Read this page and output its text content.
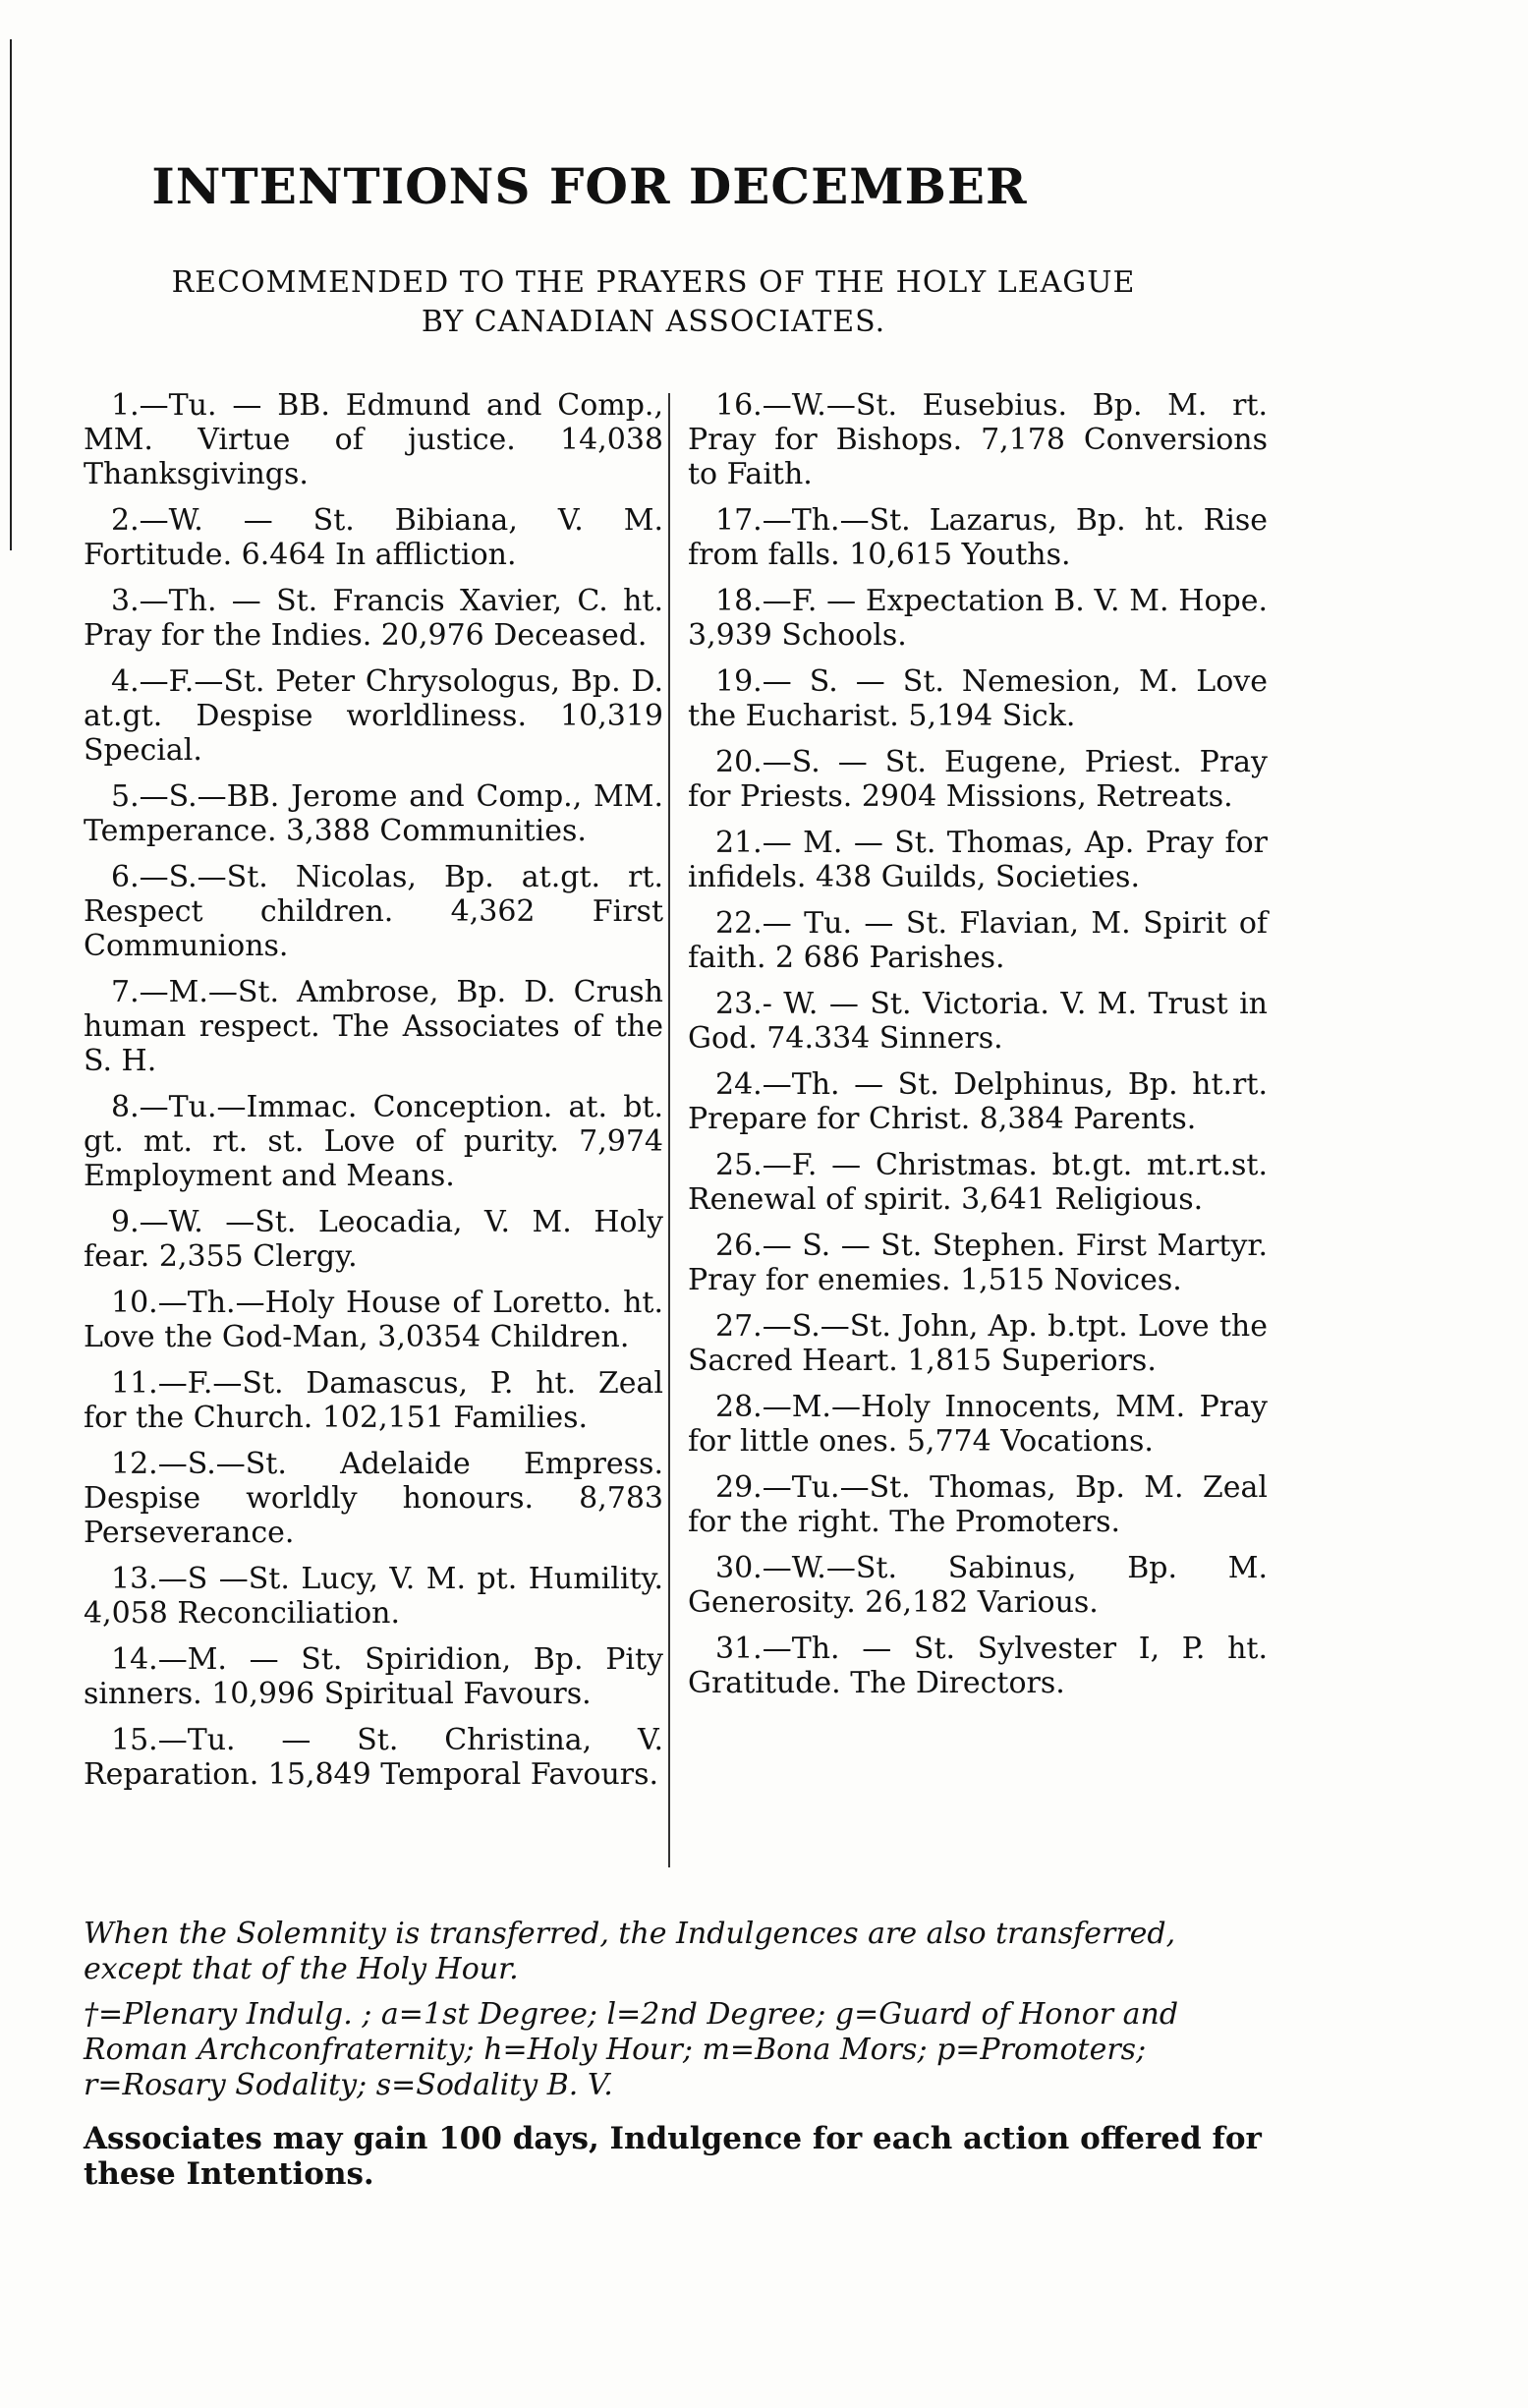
INTENTIONS FOR DECEMBER
RECOMMENDED TO THE PRAYERS OF THE HOLY LEAGUE
BY CANADIAN ASSOCIATES.
1.—Tu. — BB. Edmund and Comp., MM. Virtue of justice. 14,038 Thanksgivings.
2.—W. — St. Bibiana, V. M. Fortitude. 6.464 In affliction.
3.—Th. — St. Francis Xavier, C. ht. Pray for the Indies. 20,976 Deceased.
4.—F.—St. Peter Chrysologus, Bp. D. at.gt. Despise worldliness. 10,319 Special.
5.—S.—BB. Jerome and Comp., MM. Temperance. 3,388 Communities.
6.—S.—St. Nicolas, Bp. at.gt. rt. Respect children. 4,362 First Communions.
7.—M.—St. Ambrose, Bp. D. Crush human respect. The Associates of the S. H.
8.—Tu.—Immac. Conception. at. bt. gt. mt. rt. st. Love of purity. 7,974 Employment and Means.
9.—W. —St. Leocadia, V. M. Holy fear. 2,355 Clergy.
10.—Th.—Holy House of Loretto. ht. Love the God-Man, 3,0354 Children.
11.—F.—St. Damascus, P. ht. Zeal for the Church. 102,151 Families.
12.—S.—St. Adelaide Empress. Despise worldly honours. 8,783 Perseverance.
13.—S —St. Lucy, V. M. pt. Humility. 4,058 Reconciliation.
14.—M. — St. Spiridion, Bp. Pity sinners. 10,996 Spiritual Favours.
15.—Tu. — St. Christina, V. Reparation. 15,849 Temporal Favours.
16.—W.—St. Eusebius. Bp. M. rt. Pray for Bishops. 7,178 Conversions to Faith.
17.—Th.—St. Lazarus, Bp. ht. Rise from falls. 10,615 Youths.
18.—F. — Expectation B. V. M. Hope. 3,939 Schools.
19.— S. — St. Nemesion, M. Love the Eucharist. 5,194 Sick.
20.—S. — St. Eugene, Priest. Pray for Priests. 2904 Missions, Retreats.
21.— M. — St. Thomas, Ap. Pray for infidels. 438 Guilds, Societies.
22.— Tu. — St. Flavian, M. Spirit of faith. 2 686 Parishes.
23.- W. — St. Victoria. V. M. Trust in God. 74.334 Sinners.
24.—Th. — St. Delphinus, Bp. ht.rt. Prepare for Christ. 8,384 Parents.
25.—F. — Christmas. bt.gt. mt.rt.st. Renewal of spirit. 3,641 Religious.
26.— S. — St. Stephen. First Martyr. Pray for enemies. 1,515 Novices.
27.—S.—St. John, Ap. b.tpt. Love the Sacred Heart. 1,815 Superiors.
28.—M.—Holy Innocents, MM. Pray for little ones. 5,774 Vocations.
29.—Tu.—St. Thomas, Bp. M. Zeal for the right. The Promoters.
30.—W.—St. Sabinus, Bp. M. Generosity. 26,182 Various.
31.—Th. — St. Sylvester I, P. ht. Gratitude. The Directors.

When the Solemnity is transferred, the Indulgences are also transferred, except that of the Holy Hour.

†=Plenary Indulg. ; a=1st Degree; l=2nd Degree; g=Guard of Honor and Roman Archconfraternity; h=Holy Hour; m=Bona Mors; p=Promoters; r=Rosary Sodality; s=Sodality B. V.

Associates may gain 100 days, Indulgence for each action offered for these Intentions.
